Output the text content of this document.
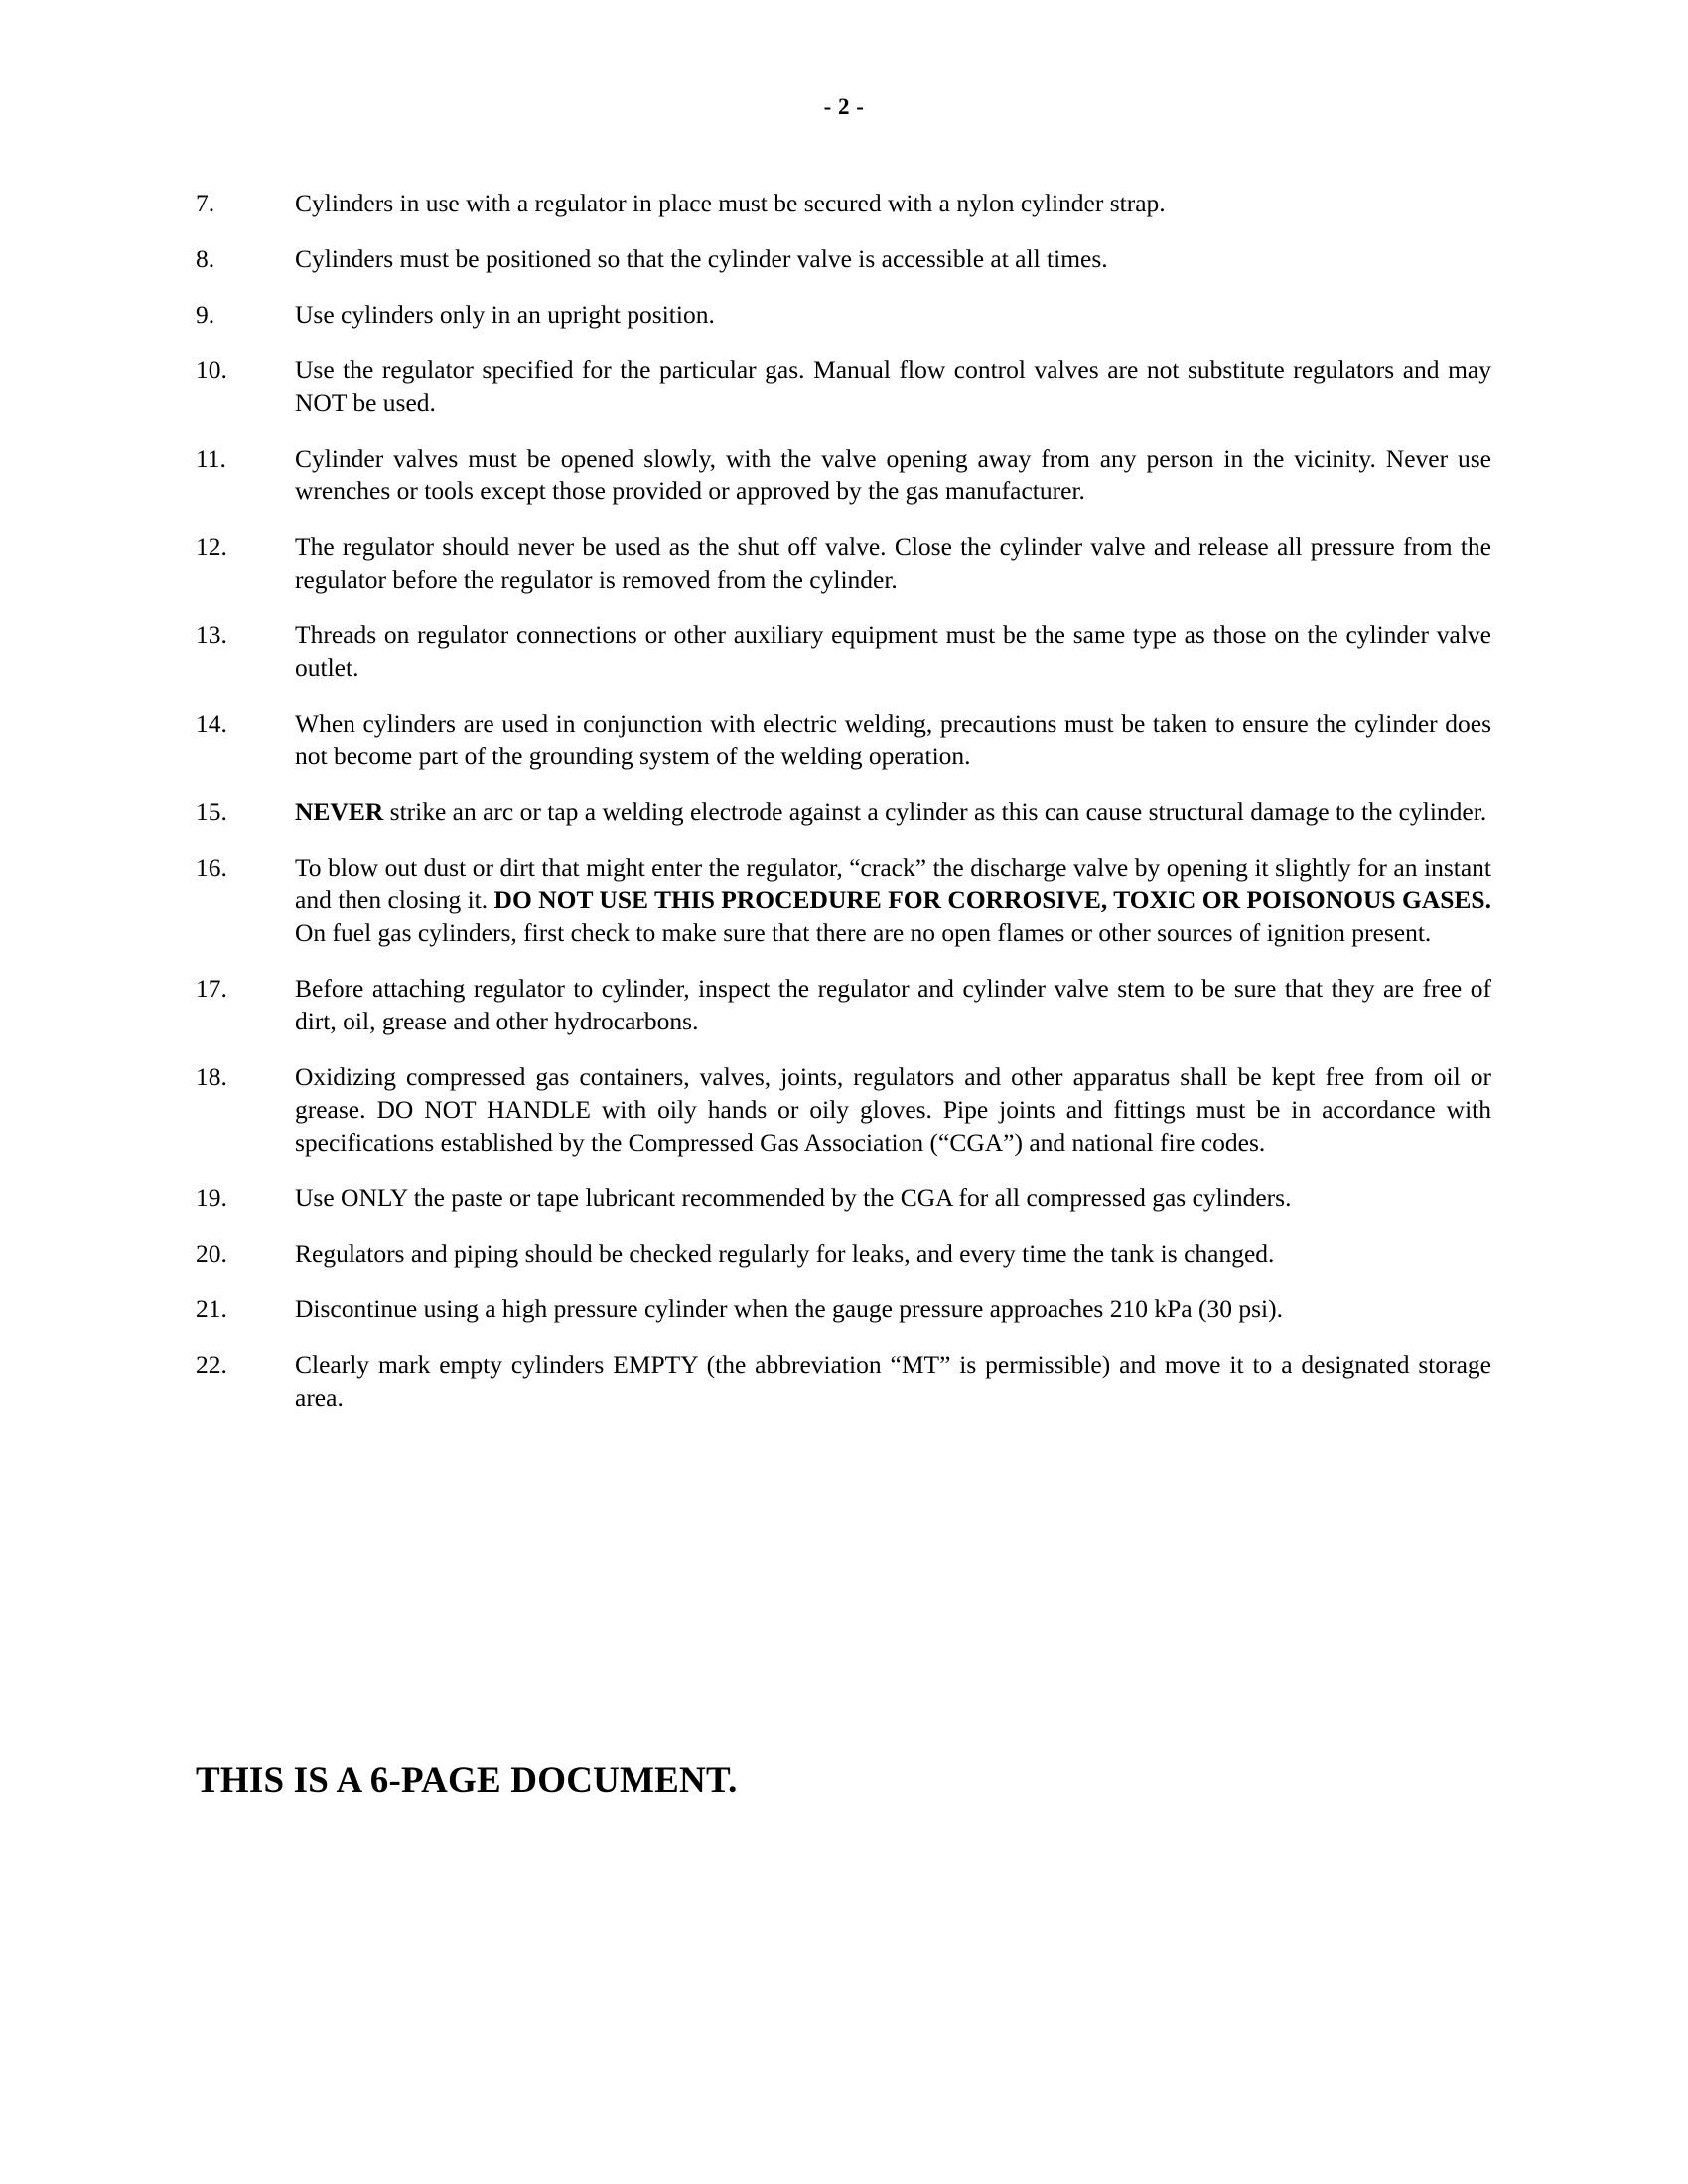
- 2 -
7.	Cylinders in use with a regulator in place must be secured with a nylon cylinder strap.
8.	Cylinders must be positioned so that the cylinder valve is accessible at all times.
9.	Use cylinders only in an upright position.
10.	Use the regulator specified for the particular gas. Manual flow control valves are not substitute regulators and may NOT be used.
11.	Cylinder valves must be opened slowly, with the valve opening away from any person in the vicinity. Never use wrenches or tools except those provided or approved by the gas manufacturer.
12.	The regulator should never be used as the shut off valve. Close the cylinder valve and release all pressure from the regulator before the regulator is removed from the cylinder.
13.	Threads on regulator connections or other auxiliary equipment must be the same type as those on the cylinder valve outlet.
14.	When cylinders are used in conjunction with electric welding, precautions must be taken to ensure the cylinder does not become part of the grounding system of the welding operation.
15.	NEVER strike an arc or tap a welding electrode against a cylinder as this can cause structural damage to the cylinder.
16.	To blow out dust or dirt that might enter the regulator, “crack” the discharge valve by opening it slightly for an instant and then closing it. DO NOT USE THIS PROCEDURE FOR CORROSIVE, TOXIC OR POISONOUS GASES. On fuel gas cylinders, first check to make sure that there are no open flames or other sources of ignition present.
17.	Before attaching regulator to cylinder, inspect the regulator and cylinder valve stem to be sure that they are free of dirt, oil, grease and other hydrocarbons.
18.	Oxidizing compressed gas containers, valves, joints, regulators and other apparatus shall be kept free from oil or grease. DO NOT HANDLE with oily hands or oily gloves. Pipe joints and fittings must be in accordance with specifications established by the Compressed Gas Association (“CGA”) and national fire codes.
19.	Use ONLY the paste or tape lubricant recommended by the CGA for all compressed gas cylinders.
20.	Regulators and piping should be checked regularly for leaks, and every time the tank is changed.
21.	Discontinue using a high pressure cylinder when the gauge pressure approaches 210 kPa (30 psi).
22.	Clearly mark empty cylinders EMPTY (the abbreviation “MT” is permissible) and move it to a designated storage area.
THIS IS A 6-PAGE DOCUMENT.
